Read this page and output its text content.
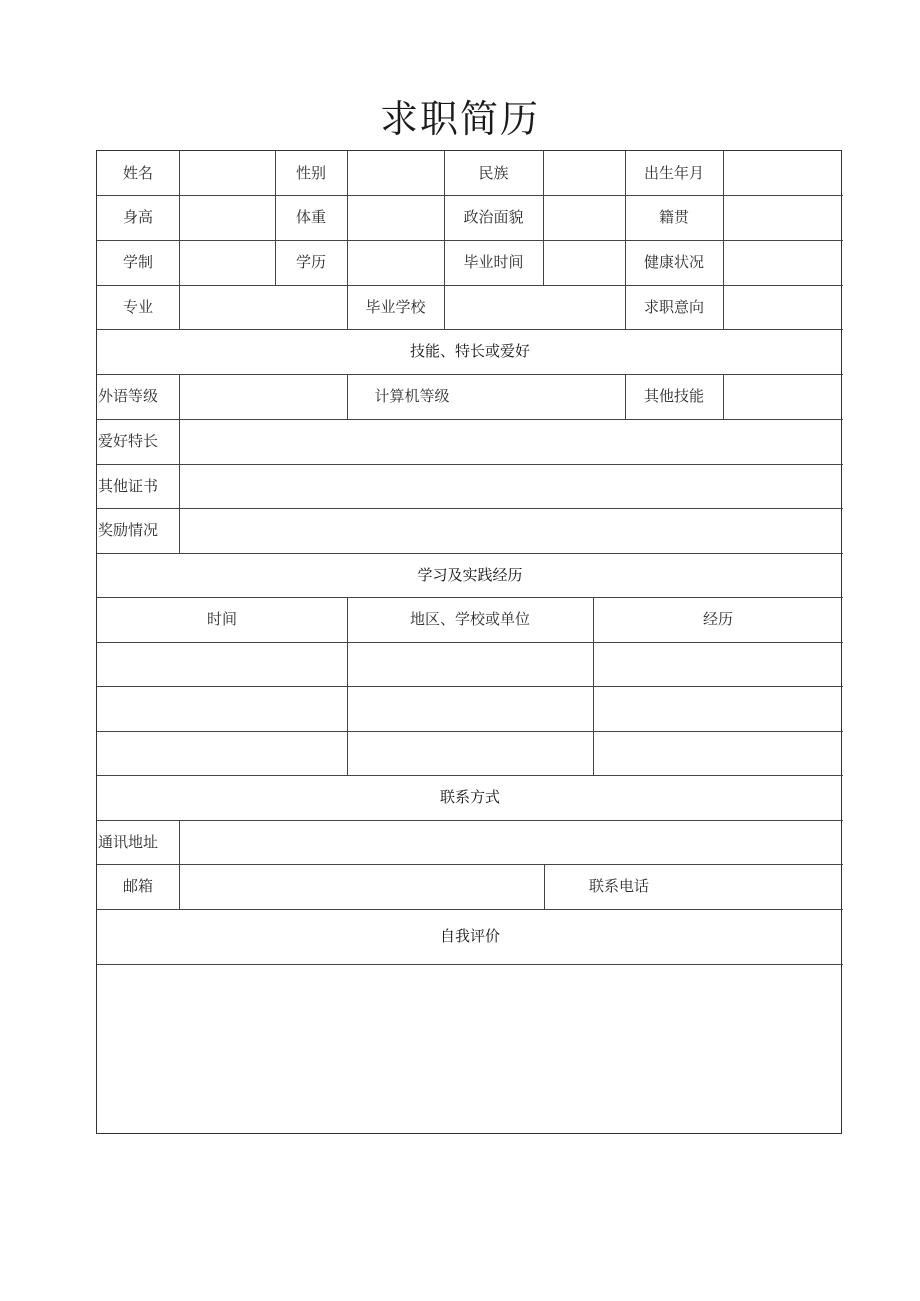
求职简历
姓名	性别	民族	出生年月
身高	体重	政治面貌	籍贯
学制	学历	毕业时间	健康状况
专业	毕业学校	求职意向
技能、特长或爱好
外语等级	计算机等级	其他技能
爱好特长
其他证书
奖励情况
学习及实践经历
时间	地区、学校或单位	经历
联系方式
通讯地址
邮箱	联系电话
自我评价
